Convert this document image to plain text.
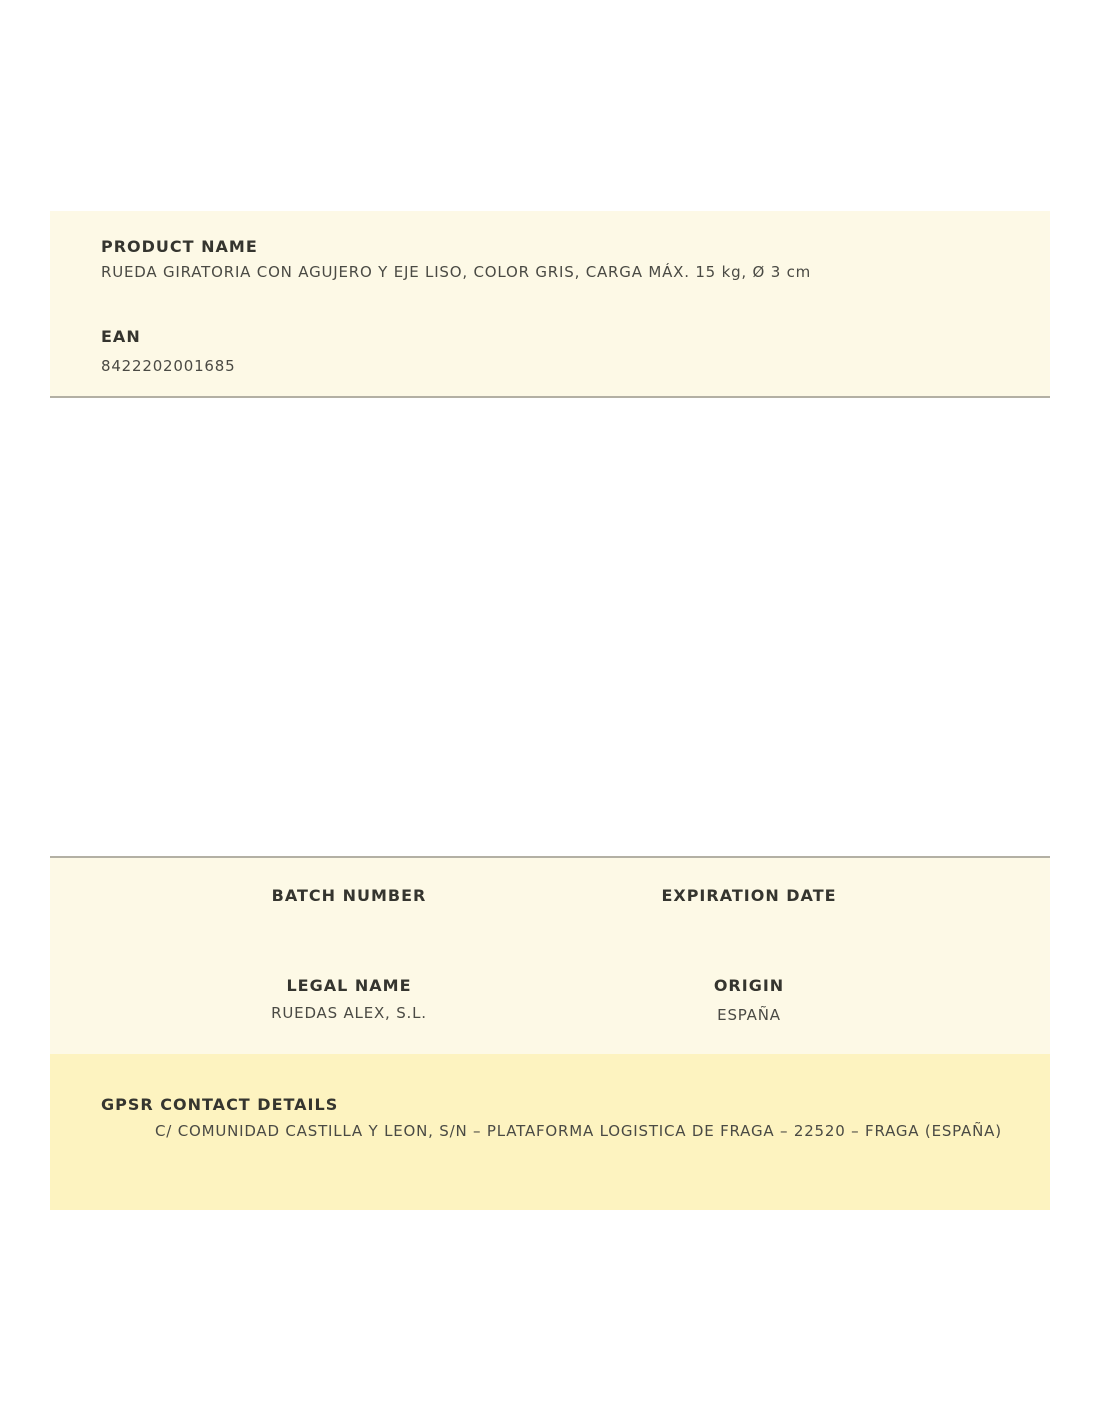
PRODUCT NAME
RUEDA GIRATORIA CON AGUJERO Y EJE LISO, COLOR GRIS, CARGA MÁX. 15 kg, Ø 3 cm
EAN
8422202001685
BATCH NUMBER	EXPIRATION DATE
LEGAL NAME
RUEDAS ALEX, S.L.
ORIGIN
ESPAÑA
GPSR CONTACT DETAILS
C/ COMUNIDAD CASTILLA Y LEON, S/N – PLATAFORMA LOGISTICA DE FRAGA – 22520 – FRAGA (ESPAÑA)
